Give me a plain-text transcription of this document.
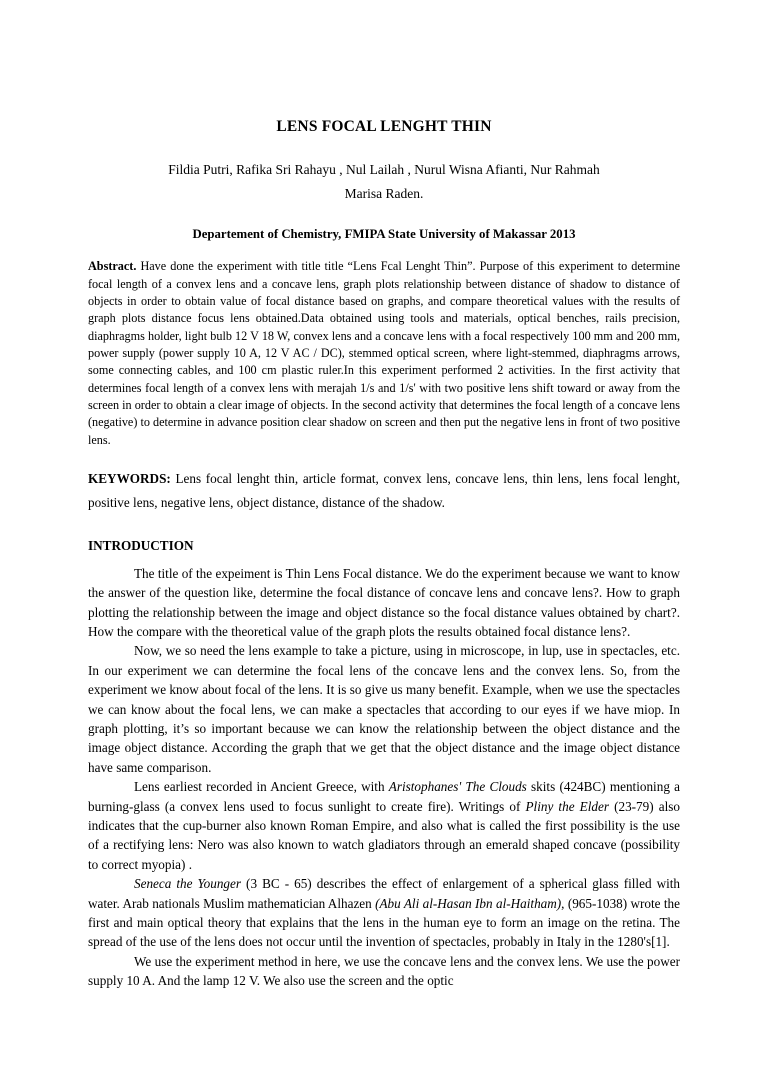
LENS FOCAL LENGHT THIN
Fildia Putri, Rafika Sri Rahayu , Nul Lailah , Nurul Wisna Afianti, Nur Rahmah
Marisa Raden.
Departement of Chemistry, FMIPA State University of Makassar 2013

Abstract. Have done the experiment with title title “Lens Fcal Lenght Thin”. Purpose of this experiment to determine focal length of a convex lens and a concave lens, graph plots relationship between distance of shadow to distance of objects in order to obtain value of focal distance based on graphs, and compare theoretical values with the results of graph plots distance focus lens obtained.Data obtained using tools and materials, optical benches, rails precision, diaphragms holder, light bulb 12 V 18 W, convex lens and a concave lens with a focal respectively 100 mm and 200 mm, power supply (power supply 10 A, 12 V AC / DC), stemmed optical screen, where light-stemmed, diaphragms arrows, some connecting cables, and 100 cm plastic ruler.In this experiment performed 2 activities. In the first activity that determines focal length of a convex lens with merajah 1/s and 1/s' with two positive lens shift toward or away from the screen in order to obtain a clear image of objects. In the second activity that determines the focal length of a concave lens (negative) to determine in advance position clear shadow on screen and then put the negative lens in front of two positive lens.

KEYWORDS: Lens focal lenght thin, article format, convex lens, concave lens, thin lens, lens focal lenght, positive lens, negative lens, object distance, distance of the shadow.

INTRODUCTION

The title of the expeiment is Thin Lens Focal distance. We do the experiment because we want to know the answer of the question like, determine the focal distance of concave lens and concave lens?. How to graph plotting the relationship between the image and object distance so the focal distance values obtained by chart?. How the compare with the theoretical value of the graph plots the results obtained focal distance lens?.

Now, we so need the lens example to take a picture, using in microscope, in lup, use in spectacles, etc. In our experiment we can determine the focal lens of the concave lens and the convex lens. So, from the experiment we know about focal of the lens. It is so give us many benefit. Example, when we use the spectacles we can know about the focal lens, we can make a spectacles that according to our eyes if we have miop. In graph plotting, it’s so important because we can know the relationship between the object distance and the image object distance. According the graph that we get that the object distance and the image object distance have same comparison.

Lens earliest recorded in Ancient Greece, with Aristophanes' The Clouds skits (424BC) mentioning a burning-glass (a convex lens used to focus sunlight to create fire). Writings of Pliny the Elder (23-79) also indicates that the cup-burner also known Roman Empire, and also what is called the first possibility is the use of a rectifying lens: Nero was also known to watch gladiators through an emerald shaped concave (possibility to correct myopia) .

Seneca the Younger (3 BC - 65) describes the effect of enlargement of a spherical glass filled with water. Arab nationals Muslim mathematician Alhazen (Abu Ali al-Hasan Ibn al-Haitham), (965-1038) wrote the first and main optical theory that explains that the lens in the human eye to form an image on the retina. The spread of the use of the lens does not occur until the invention of spectacles, probably in Italy in the 1280's[1].

We use the experiment method in here, we use the concave lens and the convex lens. We use the power supply 10 A. And the lamp 12 V. We also use the screen and the optic
